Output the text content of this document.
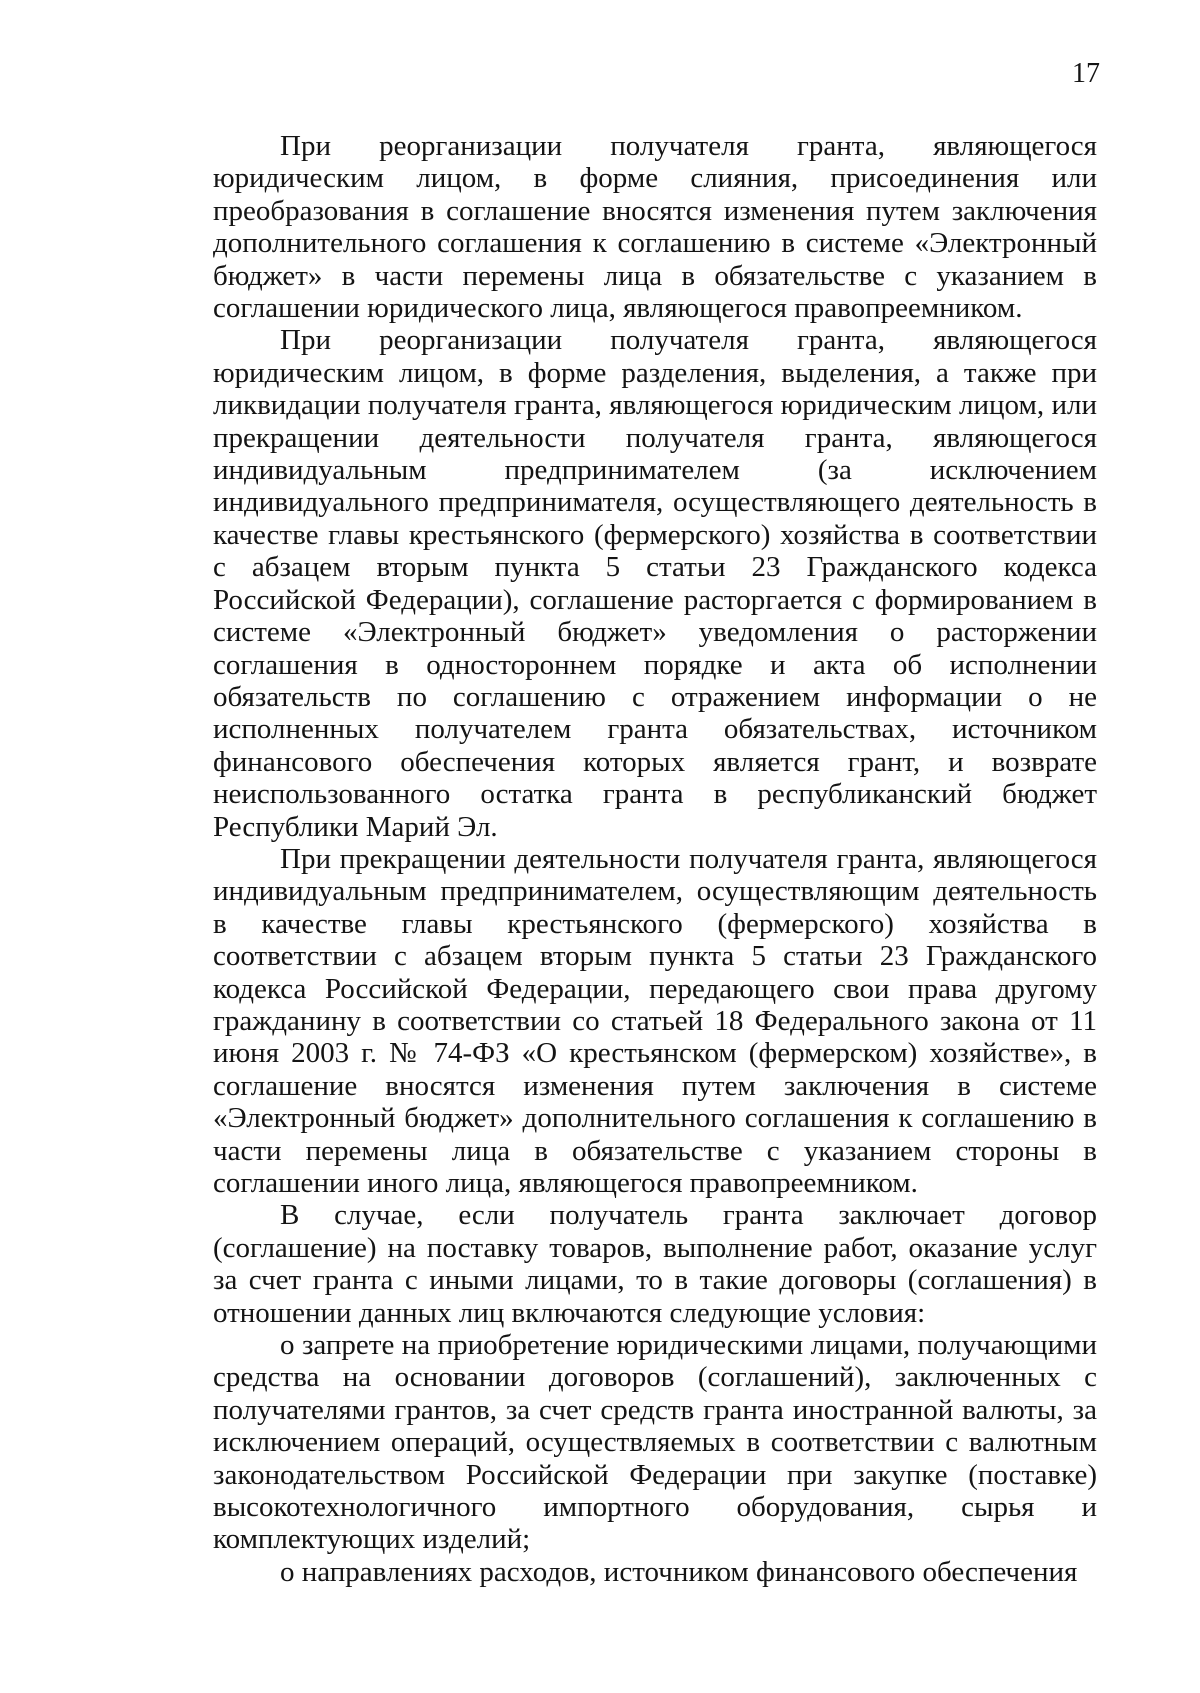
17

При реорганизации получателя гранта, являющегося юридическим лицом, в форме слияния, присоединения или преобразования в соглашение вносятся изменения путем заключения дополнительного соглашения к соглашению в системе «Электронный бюджет» в части перемены лица в обязательстве с указанием в соглашении юридического лица, являющегося правопреемником.

При реорганизации получателя гранта, являющегося юридическим лицом, в форме разделения, выделения, а также при ликвидации получателя гранта, являющегося юридическим лицом, или прекращении деятельности получателя гранта, являющегося индивидуальным предпринимателем (за исключением индивидуального предпринимателя, осуществляющего деятельность в качестве главы крестьянского (фермерского) хозяйства в соответствии с абзацем вторым пункта 5 статьи 23 Гражданского кодекса Российской Федерации), соглашение расторгается с формированием в системе «Электронный бюджет» уведомления о расторжении соглашения в одностороннем порядке и акта об исполнении обязательств по соглашению с отражением информации о не исполненных получателем гранта обязательствах, источником финансового обеспечения которых является грант, и возврате неиспользованного остатка гранта в республиканский бюджет Республики Марий Эл.

При прекращении деятельности получателя гранта, являющегося индивидуальным предпринимателем, осуществляющим деятельность в качестве главы крестьянского (фермерского) хозяйства в соответствии с абзацем вторым пункта 5 статьи 23 Гражданского кодекса Российской Федерации, передающего свои права другому гражданину в соответствии со статьей 18 Федерального закона от 11 июня 2003 г. № 74-ФЗ «О крестьянском (фермерском) хозяйстве», в соглашение вносятся изменения путем заключения в системе «Электронный бюджет» дополнительного соглашения к соглашению в части перемены лица в обязательстве с указанием стороны в соглашении иного лица, являющегося правопреемником.

В случае, если получатель гранта заключает договор (соглашение) на поставку товаров, выполнение работ, оказание услуг за счет гранта с иными лицами, то в такие договоры (соглашения) в отношении данных лиц включаются следующие условия:

о запрете на приобретение юридическими лицами, получающими средства на основании договоров (соглашений), заключенных с получателями грантов, за счет средств гранта иностранной валюты, за исключением операций, осуществляемых в соответствии с валютным законодательством Российской Федерации при закупке (поставке) высокотехнологичного импортного оборудования, сырья и комплектующих изделий;

о направлениях расходов, источником финансового обеспечения
